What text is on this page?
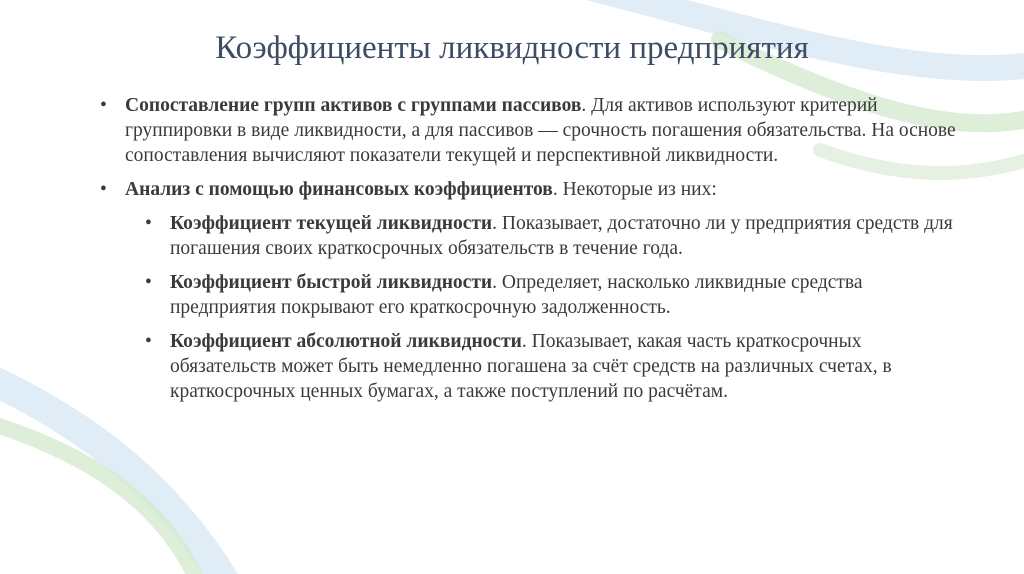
Коэффициенты ликвидности предприятия
• Сопоставление групп активов с группами пассивов. Для активов используют критерий группировки в виде ликвидности, а для пассивов — срочность погашения обязательства. На основе сопоставления вычисляют показатели текущей и перспективной ликвидности.
• Анализ с помощью финансовых коэффициентов. Некоторые из них:
• Коэффициент текущей ликвидности. Показывает, достаточно ли у предприятия средств для погашения своих краткосрочных обязательств в течение года.
• Коэффициент быстрой ликвидности. Определяет, насколько ликвидные средства предприятия покрывают его краткосрочную задолженность.
• Коэффициент абсолютной ликвидности. Показывает, какая часть краткосрочных обязательств может быть немедленно погашена за счёт средств на различных счетах, в краткосрочных ценных бумагах, а также поступлений по расчётам.
